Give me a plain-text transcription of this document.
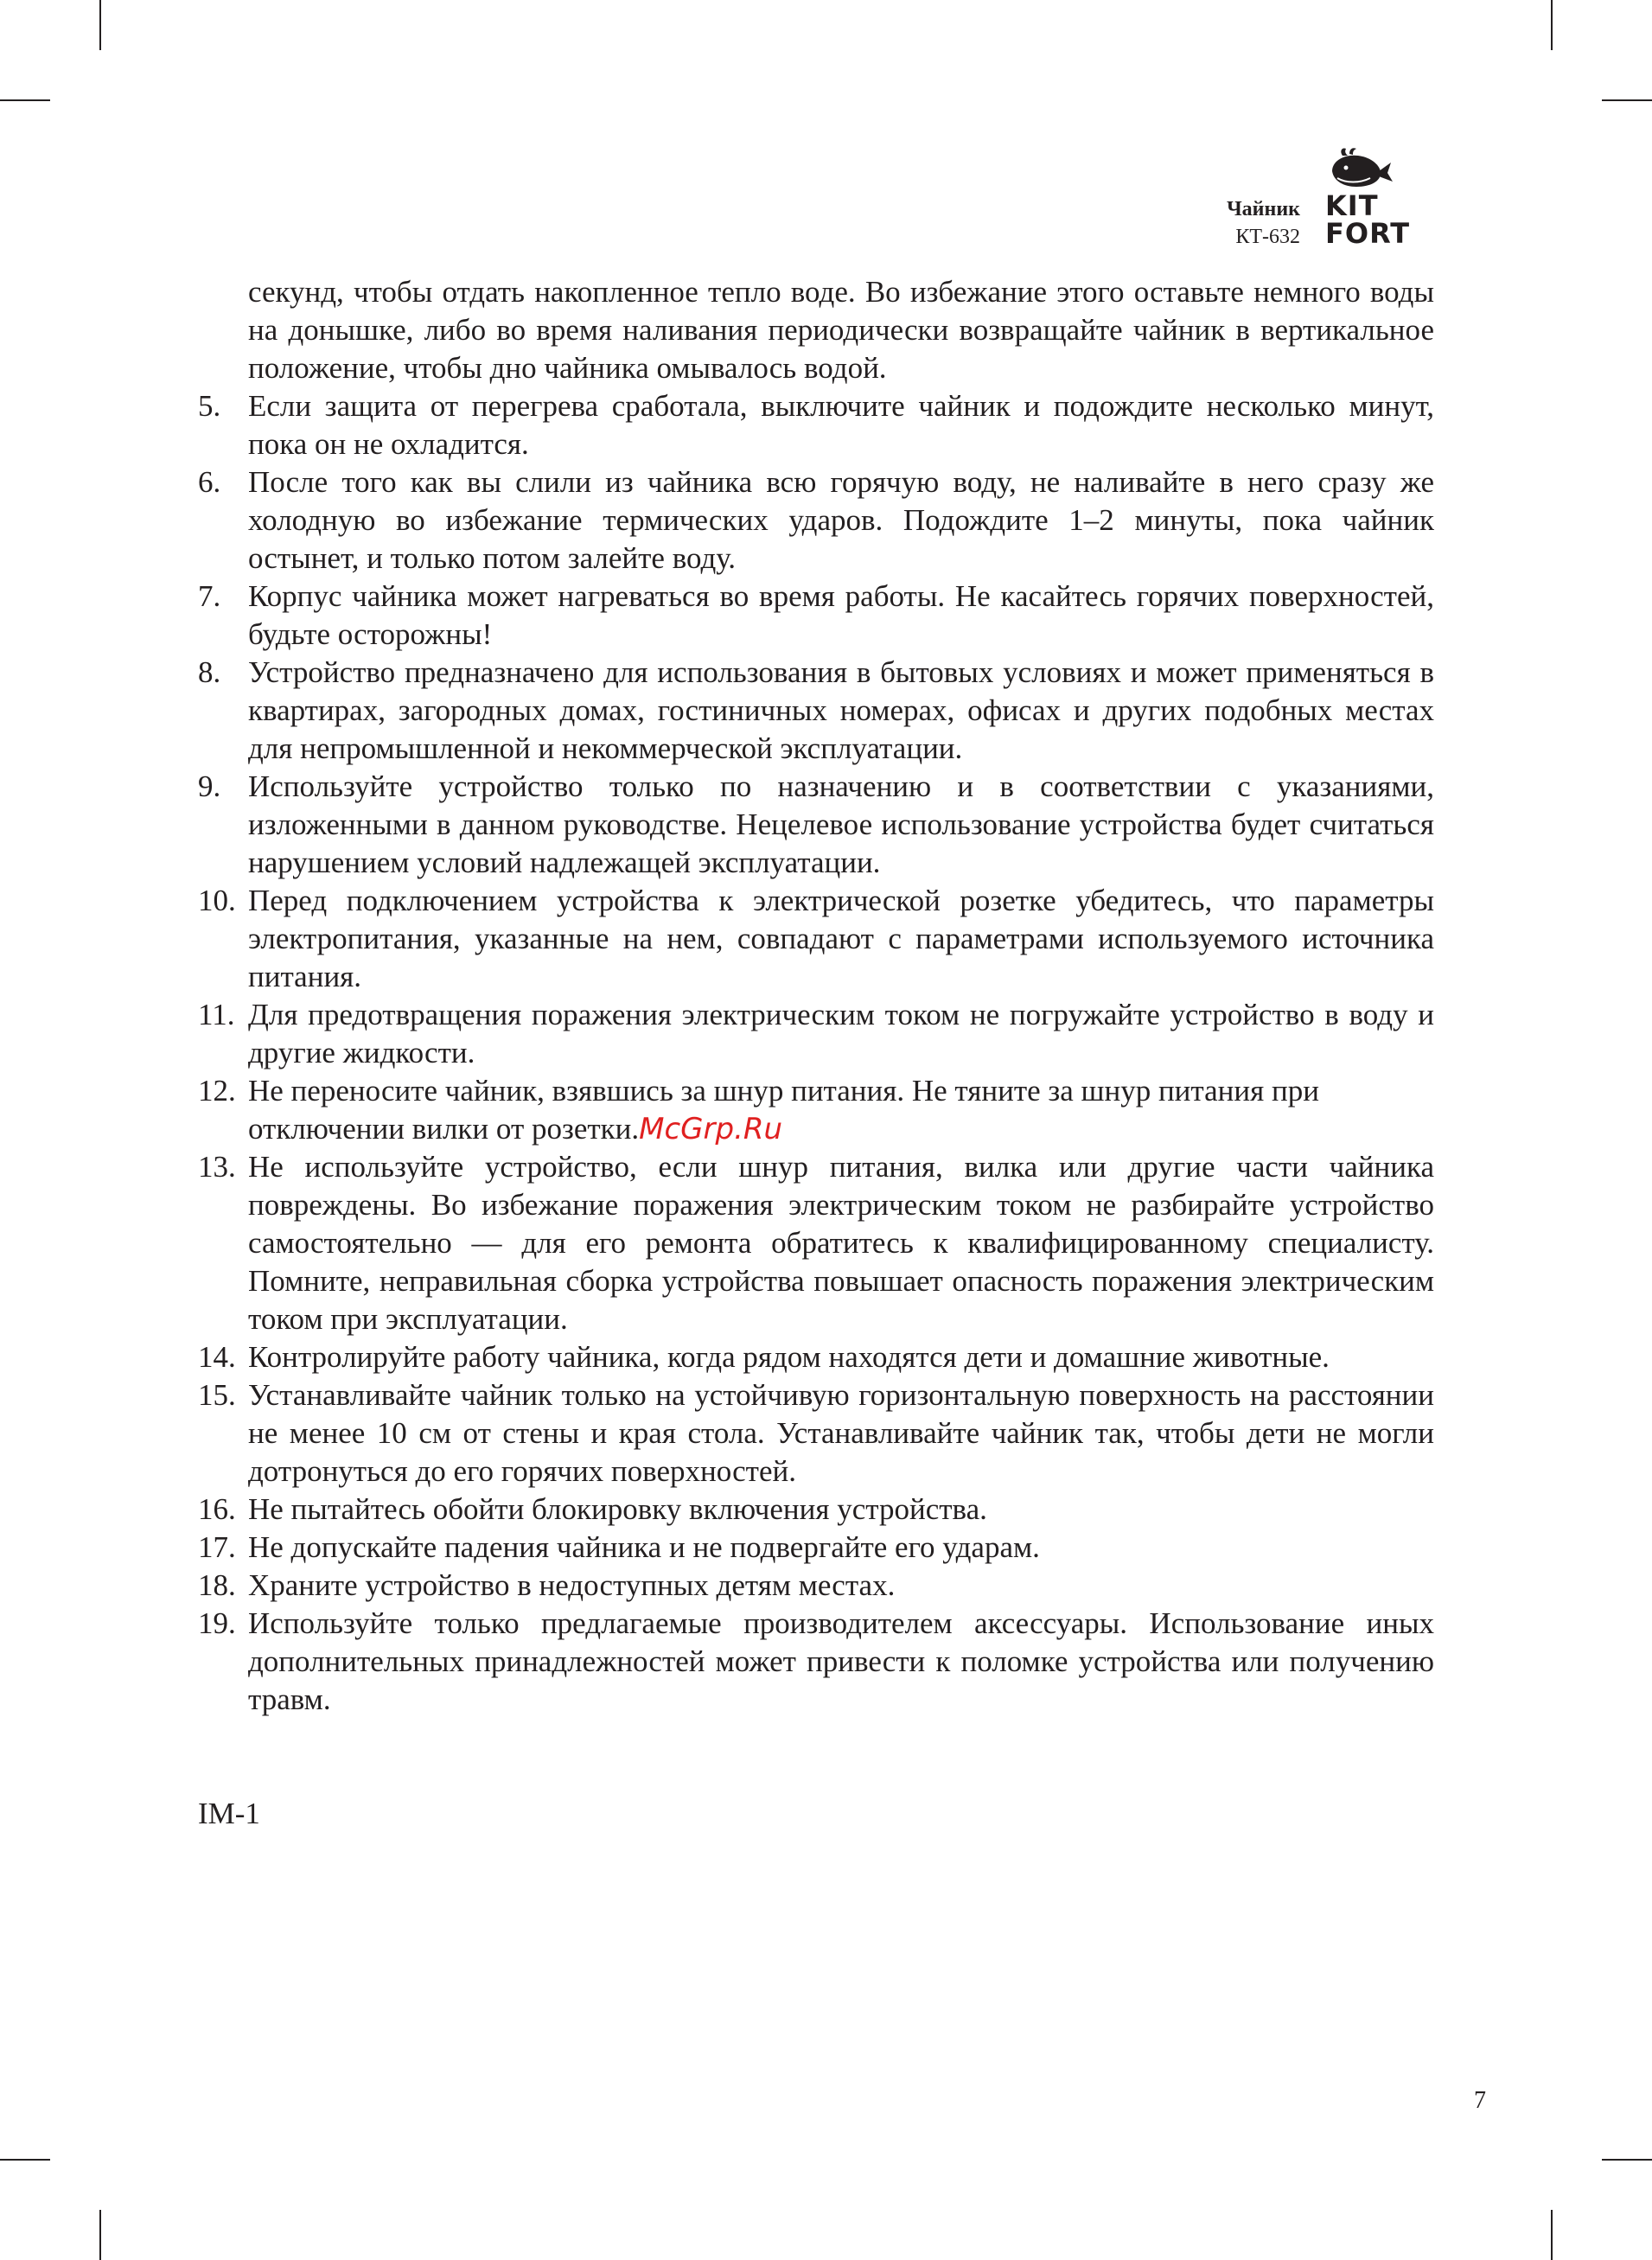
Чайник
КТ-632
KIT
FORT
секунд, чтобы отдать накопленное тепло воде. Во избежание этого оставьте немного воды на донышке, либо во время наливания периодически возвращайте чайник в вертикальное положение, чтобы дно чайника омывалось водой.
5. Если защита от перегрева сработала, выключите чайник и подождите несколько минут, пока он не охладится.
6. После того как вы слили из чайника всю горячую воду, не наливайте в него сразу же холодную во избежание термических ударов. Подождите 1–2 минуты, пока чайник остынет, и только потом залейте воду.
7. Корпус чайника может нагреваться во время работы. Не касайтесь горячих поверхностей, будьте осторожны!
8. Устройство предназначено для использования в бытовых условиях и может применяться в квартирах, загородных домах, гостиничных номерах, офисах и других подобных местах для непромышленной и некоммерческой эксплуатации.
9. Используйте устройство только по назначению и в соответствии с указаниями, изложенными в данном руководстве. Нецелевое использование устройства будет считаться нарушением условий надлежащей эксплуатации.
10. Перед подключением устройства к электрической розетке убедитесь, что параметры электропитания, указанные на нем, совпадают с параметрами используемого источника питания.
11. Для предотвращения поражения электрическим током не погружайте устройство в воду и другие жидкости.
12. Не переносите чайник, взявшись за шнур питания. Не тяните за шнур питания при отключении вилки от розетки.McGrp.Ru
13. Не используйте устройство, если шнур питания, вилка или другие части чайника повреждены. Во избежание поражения электрическим током не разбирайте устройство самостоятельно — для его ремонта обратитесь к квалифицированному специалисту. Помните, неправильная сборка устройства повышает опасность поражения электрическим током при эксплуатации.
14. Контролируйте работу чайника, когда рядом находятся дети и домашние животные.
15. Устанавливайте чайник только на устойчивую горизонтальную поверхность на расстоянии не менее 10 см от стены и края стола. Устанавливайте чайник так, чтобы дети не могли дотронуться до его горячих поверхностей.
16. Не пытайтесь обойти блокировку включения устройства.
17. Не допускайте падения чайника и не подвергайте его ударам.
18. Храните устройство в недоступных детям местах.
19. Используйте только предлагаемые производителем аксессуары. Использование иных дополнительных принадлежностей может привести к поломке устройства или получению травм.
IM-1
7
